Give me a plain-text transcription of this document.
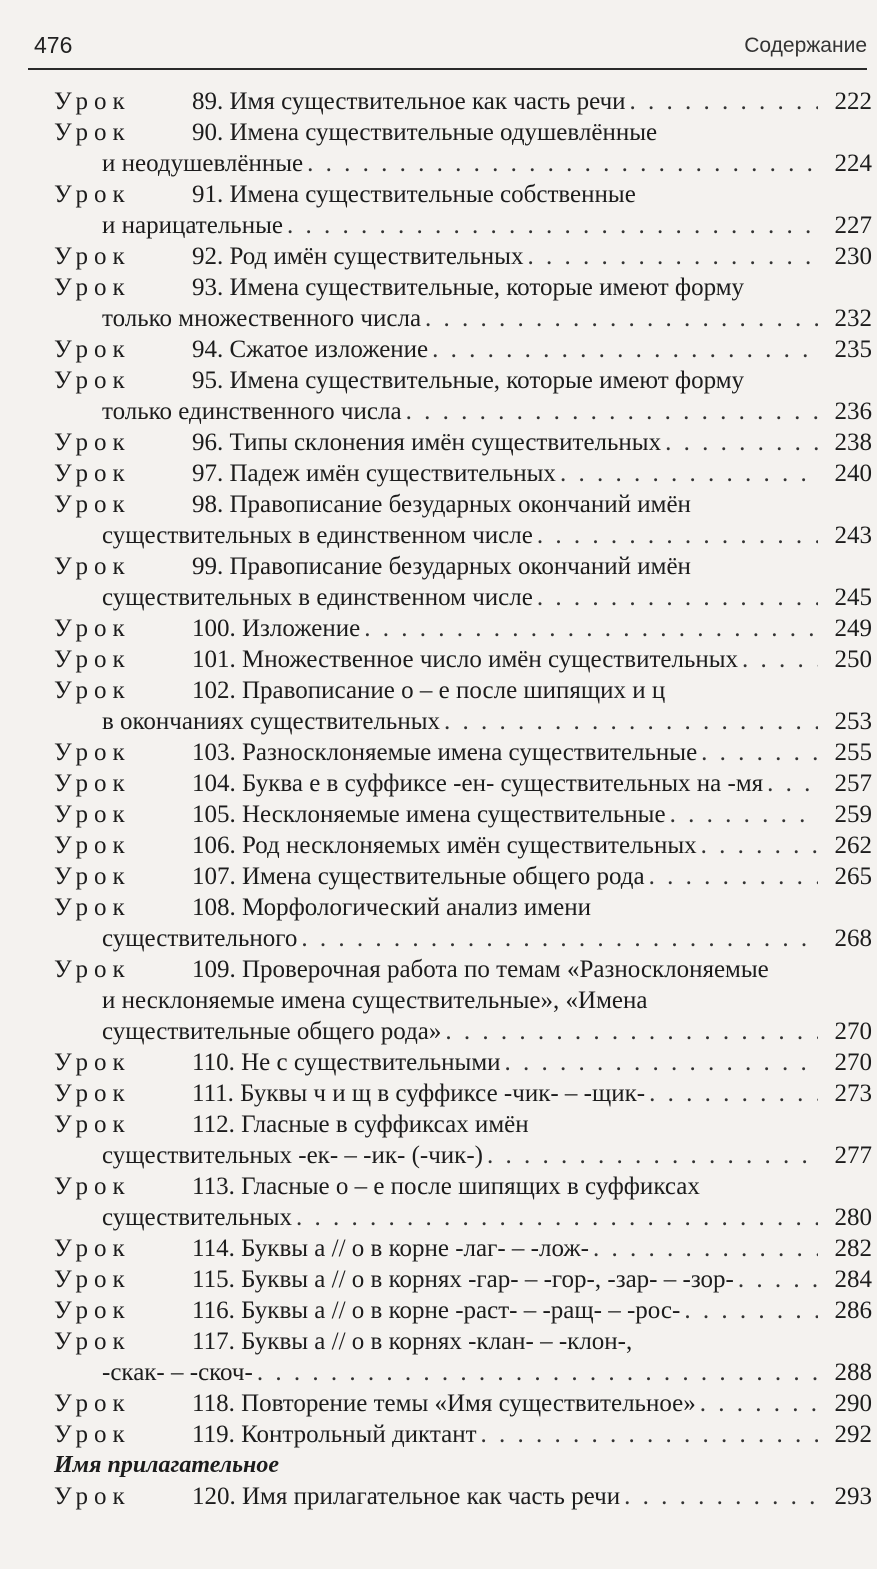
476	Содержание
Урок	89. Имя существительное как часть речи . . .	222
Урок	90. Имена существительные одушевлённые
и неодушевлённые . . .	224
Урок	91. Имена существительные собственные
и нарицательные . . .	227
Урок	92. Род имён существительных . . .	230
Урок	93. Имена существительные, которые имеют форму
только множественного числа . . .	232
Урок	94. Сжатое изложение . . .	235
Урок	95. Имена существительные, которые имеют форму
только единственного числа . . .	236
Урок	96. Типы склонения имён существительных . . .	238
Урок	97. Падеж имён существительных . . .	240
Урок	98. Правописание безударных окончаний имён
существительных в единственном числе . . .	243
Урок	99. Правописание безударных окончаний имён
существительных в единственном числе . . .	245
Урок	100. Изложение . . .	249
Урок	101. Множественное число имён существительных . . .	250
Урок	102. Правописание о – е после шипящих и ц
в окончаниях существительных . . .	253
Урок	103. Разносклоняемые имена существительные . . .	255
Урок	104. Буква е в суффиксе -ен- существительных на -мя . . .	257
Урок	105. Несклоняемые имена существительные . . .	259
Урок	106. Род несклоняемых имён существительных . . .	262
Урок	107. Имена существительные общего рода . . .	265
Урок	108. Морфологический анализ имени
существительного . . .	268
Урок	109. Проверочная работа по темам «Разносклоняемые
и несклоняемые имена существительные», «Имена
существительные общего рода» . . .	270
Урок	110. Не с существительными . . .	270
Урок	111. Буквы ч и щ в суффиксе -чик- – -щик- . . .	273
Урок	112. Гласные в суффиксах имён
существительных -ек- – -ик- (-чик-) . . .	277
Урок	113. Гласные о – е после шипящих в суффиксах
существительных . . .	280
Урок	114. Буквы а // о в корне -лаг- – -лож- . . .	282
Урок	115. Буквы а // о в корнях -гар- – -гор-, -зар- – -зор- . . .	284
Урок	116. Буквы а // о в корне -раст- – -ращ- – -рос- . . .	286
Урок	117. Буквы а // о в корнях -клан- – -клон-,
-скак- – -скоч- . . .	288
Урок	118. Повторение темы «Имя существительное» . . .	290
Урок	119. Контрольный диктант . . .	292
Имя прилагательное
Урок	120. Имя прилагательное как часть речи . . .	293
